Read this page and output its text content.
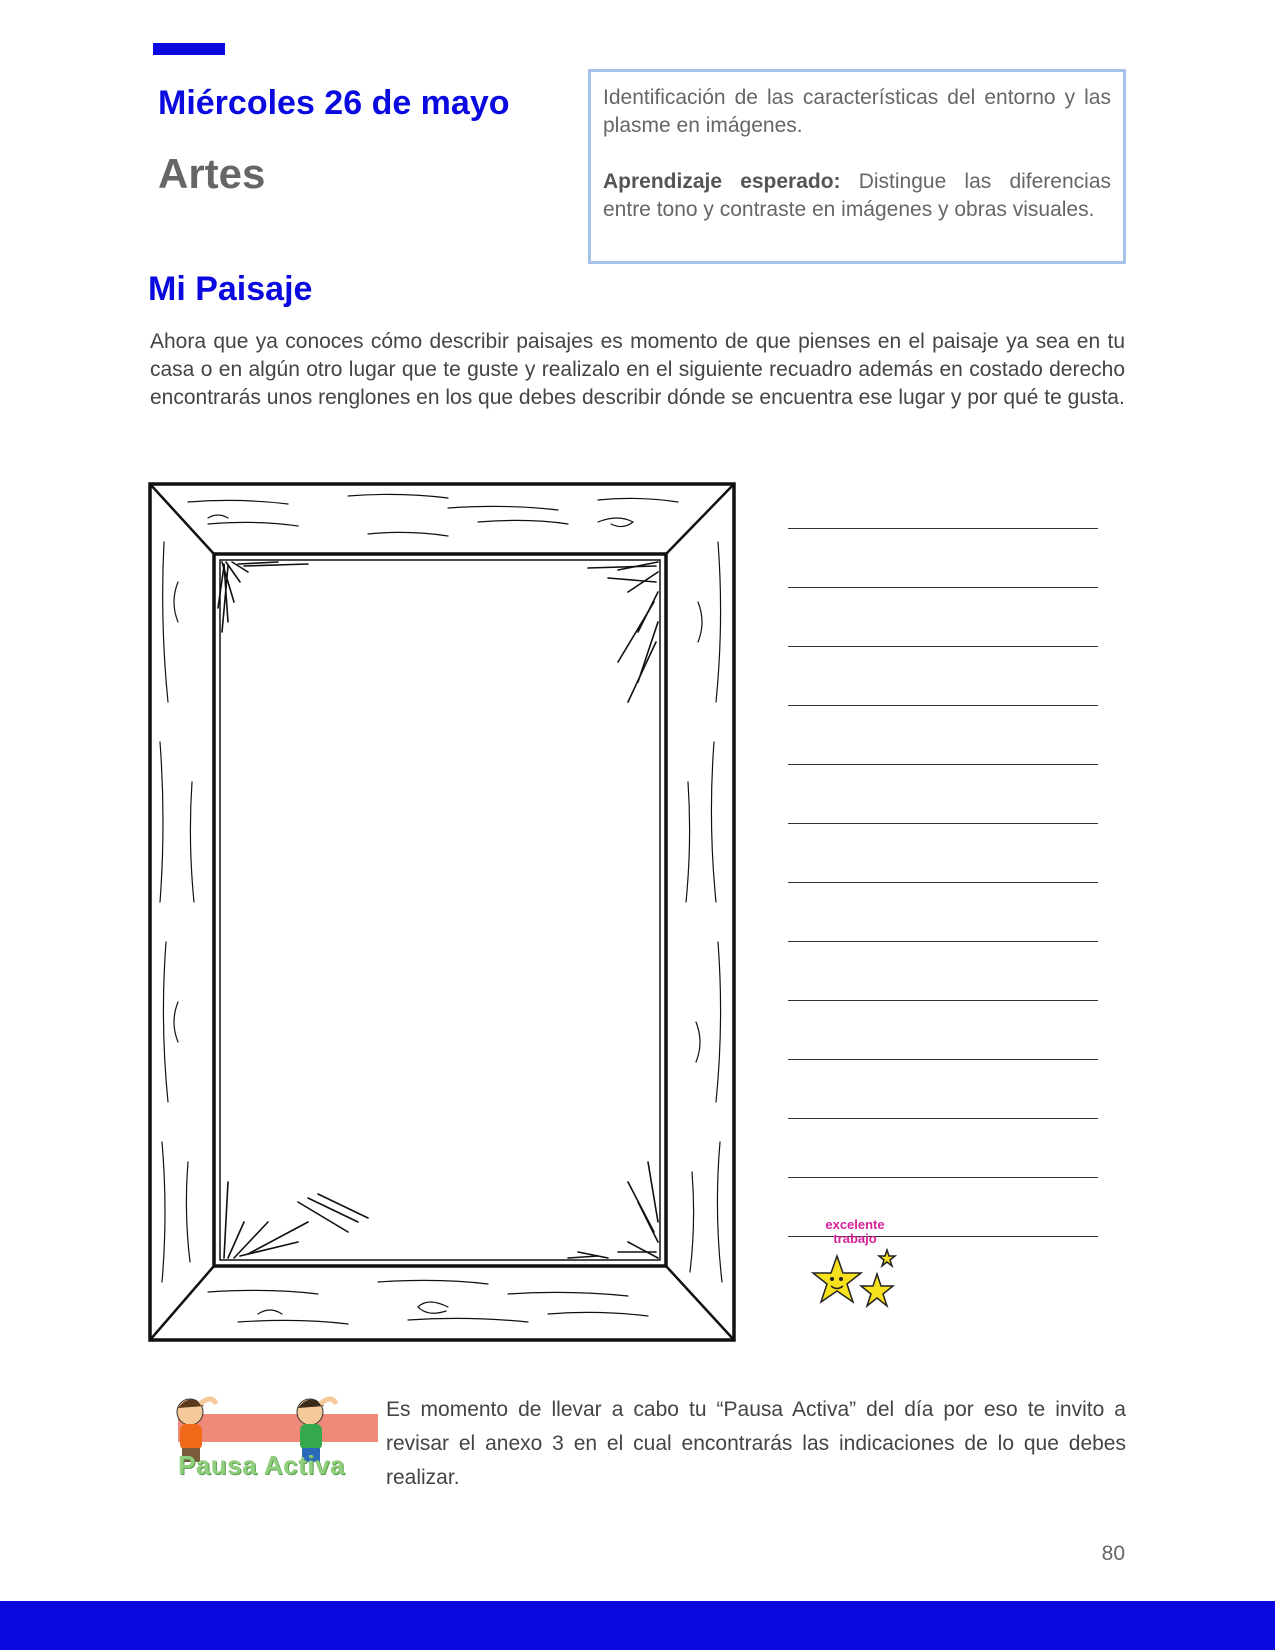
Miércoles 26 de mayo
Artes

Identificación de las características del entorno y las plasme en imágenes.

Aprendizaje esperado: Distingue las diferencias entre tono y contraste en imágenes y obras visuales.

Mi Paisaje

Ahora que ya conoces cómo describir paisajes es momento de que pienses en el paisaje ya sea en tu casa o en algún otro lugar que te guste y realizalo en el siguiente recuadro además en costado derecho encontrarás unos renglones en los que debes describir dónde se encuentra ese lugar y por qué te gusta.

excelente
trabajo
Pausa Activa

Es momento de llevar a cabo tu “Pausa Activa” del día por eso te invito a revisar el anexo 3 en el cual encontrarás las indicaciones de lo que debes realizar.

80
